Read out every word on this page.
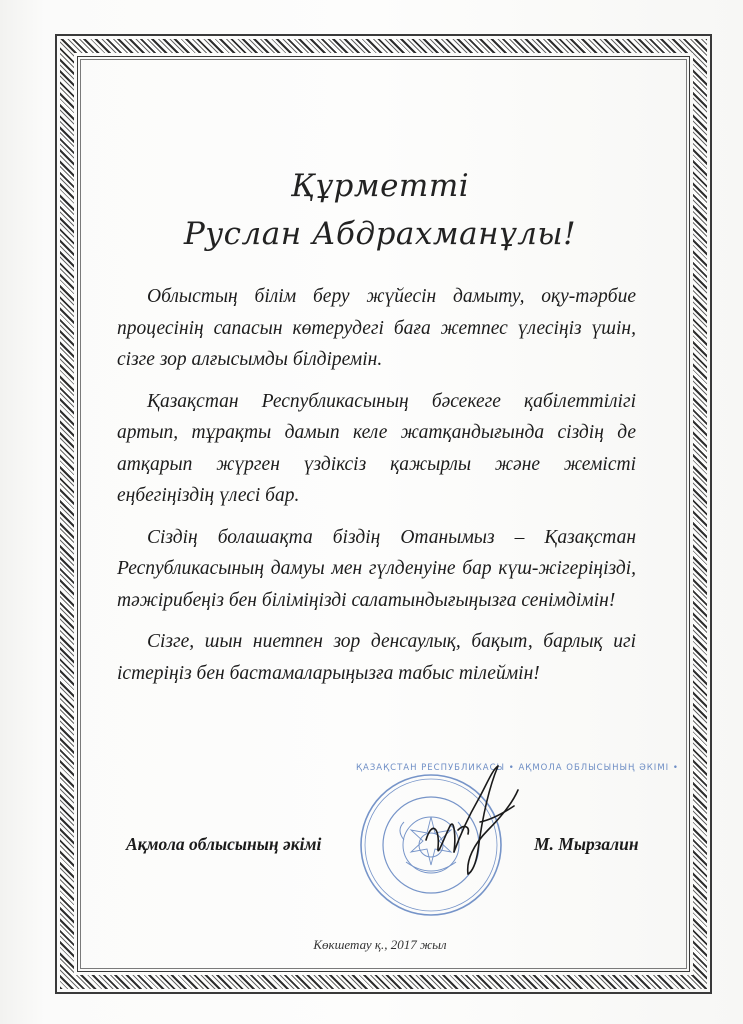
Құрметті
Руслан Абдрахманұлы!

Облыстың білім беру жүйесін дамыту, оқу-тәрбие процесінің сапасын көтерудегі баға жетпес үлесіңіз үшін, сізге зор алғысымды білдіремін.

Қазақстан Республикасының бәсекеге қабілеттілігі артып, тұрақты дамып келе жатқандығында сіздің де атқарып жүрген үздіксіз қажырлы және жемісті еңбегіңіздің үлесі бар.

Сіздің болашақта біздің Отанымыз – Қазақстан Республикасының дамуы мен гүлденуіне бар күш-жігеріңізді, тәжірибеңіз бен біліміңізді салатындығыңызға сенімдімін!

Сізге, шын ниетпен зор денсаулық, бақыт, барлық игі істеріңіз бен бастамаларыңызға табыс тілеймін!

ҚАЗАҚСТАН РЕСПУБЛИКАСЫ • АҚМОЛА ОБЛЫСЫНЫҢ ӘКІМІ •
Ақмола облысының әкімі	М. Мырзалин
Көкшетау қ., 2017 жыл
